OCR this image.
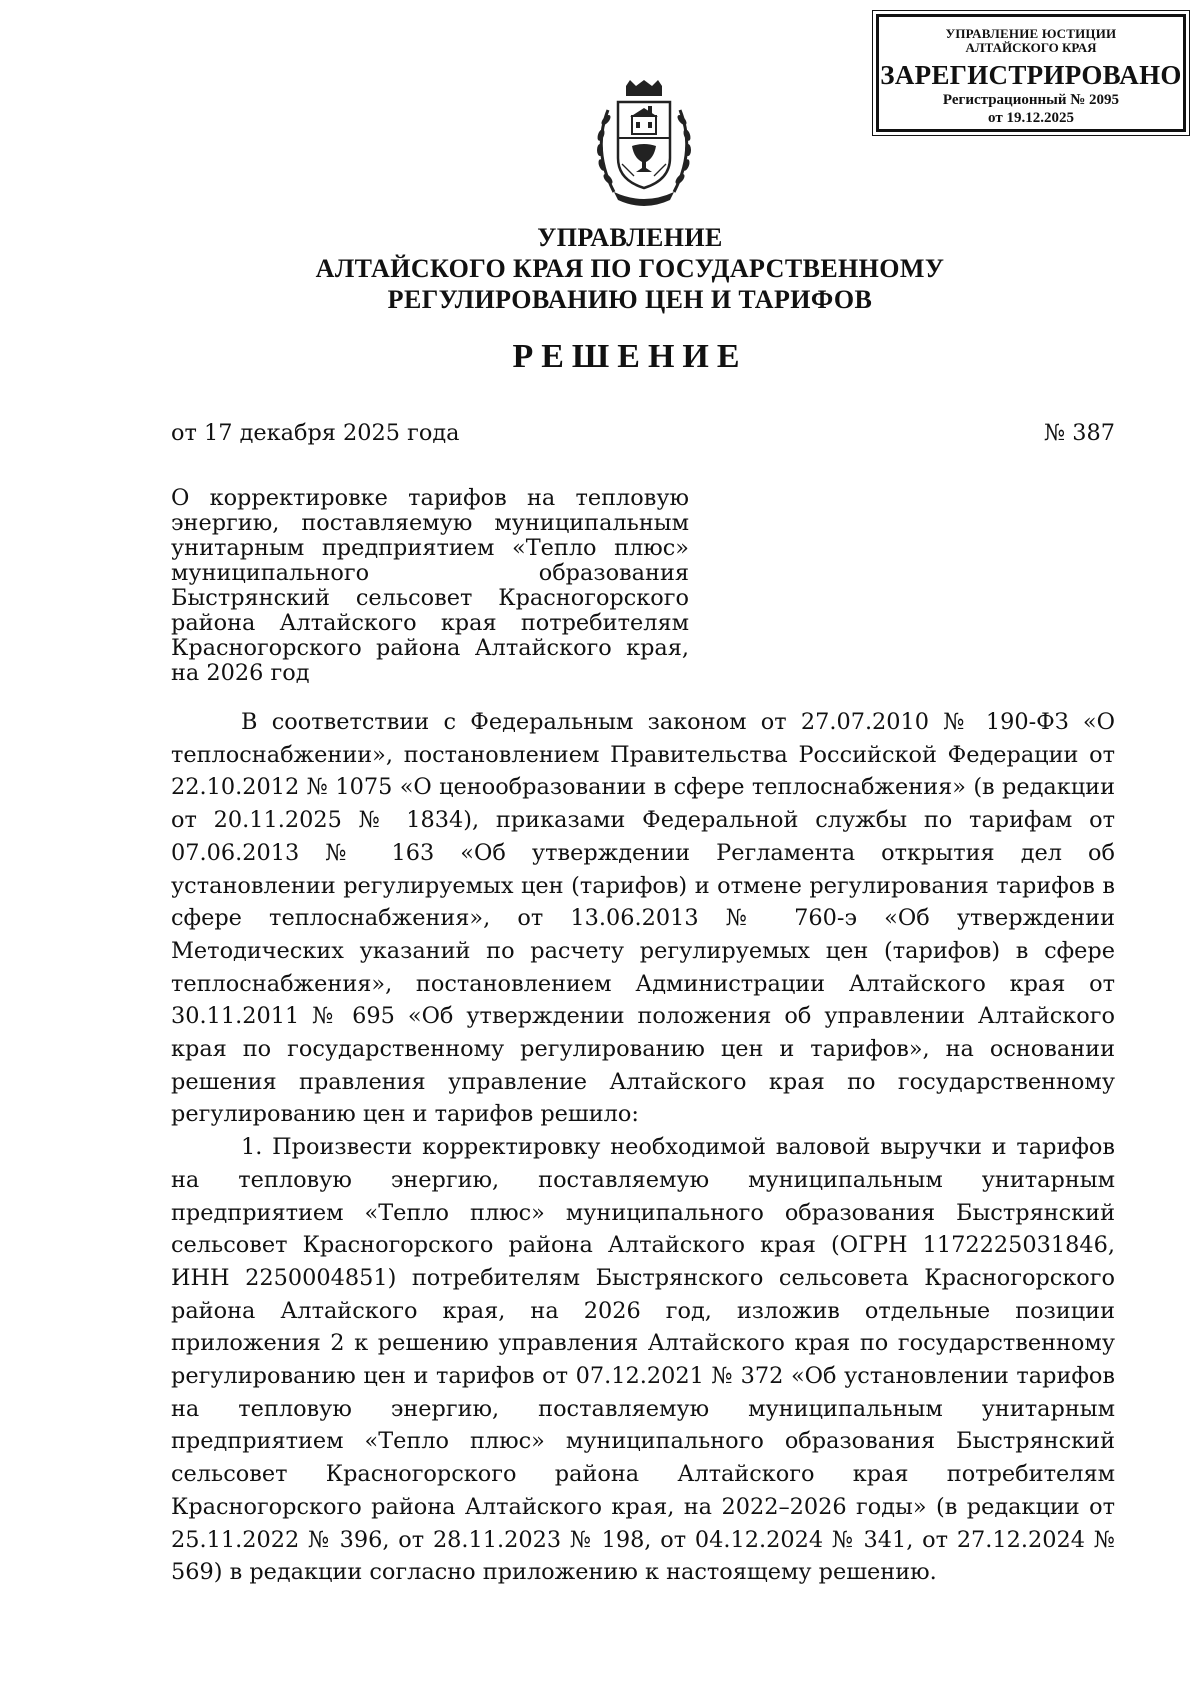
УПРАВЛЕНИЕ ЮСТИЦИИ
АЛТАЙСКОГО КРАЯ
ЗАРЕГИСТРИРОВАНО
Регистрационный № 2095
от 19.12.2025
УПРАВЛЕНИЕ
АЛТАЙСКОГО КРАЯ ПО ГОСУДАРСТВЕННОМУ
РЕГУЛИРОВАНИЮ ЦЕН И ТАРИФОВ
РЕШЕНИЕ
от 17 декабря 2025 года	№ 387
О корректировке тарифов на тепловую энергию, поставляемую муниципальным унитарным предприятием «Тепло плюс» муниципального образования Быстрянский сельсовет Красногорского района Алтайского края потребителям Красногорского района Алтайского края, на 2026 год

В соответствии с Федеральным законом от 27.07.2010 № 190-ФЗ «О теплоснабжении», постановлением Правительства Российской Федерации от 22.10.2012 № 1075 «О ценообразовании в сфере теплоснабжения» (в редакции от 20.11.2025 № 1834), приказами Федеральной службы по тарифам от 07.06.2013 № 163 «Об утверждении Регламента открытия дел об установлении регулируемых цен (тарифов) и отмене регулирования тарифов в сфере теплоснабжения», от 13.06.2013 № 760-э «Об утверждении Методических указаний по расчету регулируемых цен (тарифов) в сфере теплоснабжения», постановлением Администрации Алтайского края от 30.11.2011 № 695 «Об утверждении положения об управлении Алтайского края по государственному регулированию цен и тарифов», на основании решения правления управление Алтайского края по государственному регулированию цен и тарифов решило:

1. Произвести корректировку необходимой валовой выручки и тарифов на тепловую энергию, поставляемую муниципальным унитарным предприятием «Тепло плюс» муниципального образования Быстрянский сельсовет Красногорского района Алтайского края (ОГРН 1172225031846, ИНН 2250004851) потребителям Быстрянского сельсовета Красногорского района Алтайского края, на 2026 год, изложив отдельные позиции приложения 2 к решению управления Алтайского края по государственному регулированию цен и тарифов от 07.12.2021 № 372 «Об установлении тарифов на тепловую энергию, поставляемую муниципальным унитарным предприятием «Тепло плюс» муниципального образования Быстрянский сельсовет Красногорского района Алтайского края потребителям Красногорского района Алтайского края, на 2022–2026 годы» (в редакции от 25.11.2022 № 396, от 28.11.2023 № 198, от 04.12.2024 № 341, от 27.12.2024 № 569) в редакции согласно приложению к настоящему решению.
